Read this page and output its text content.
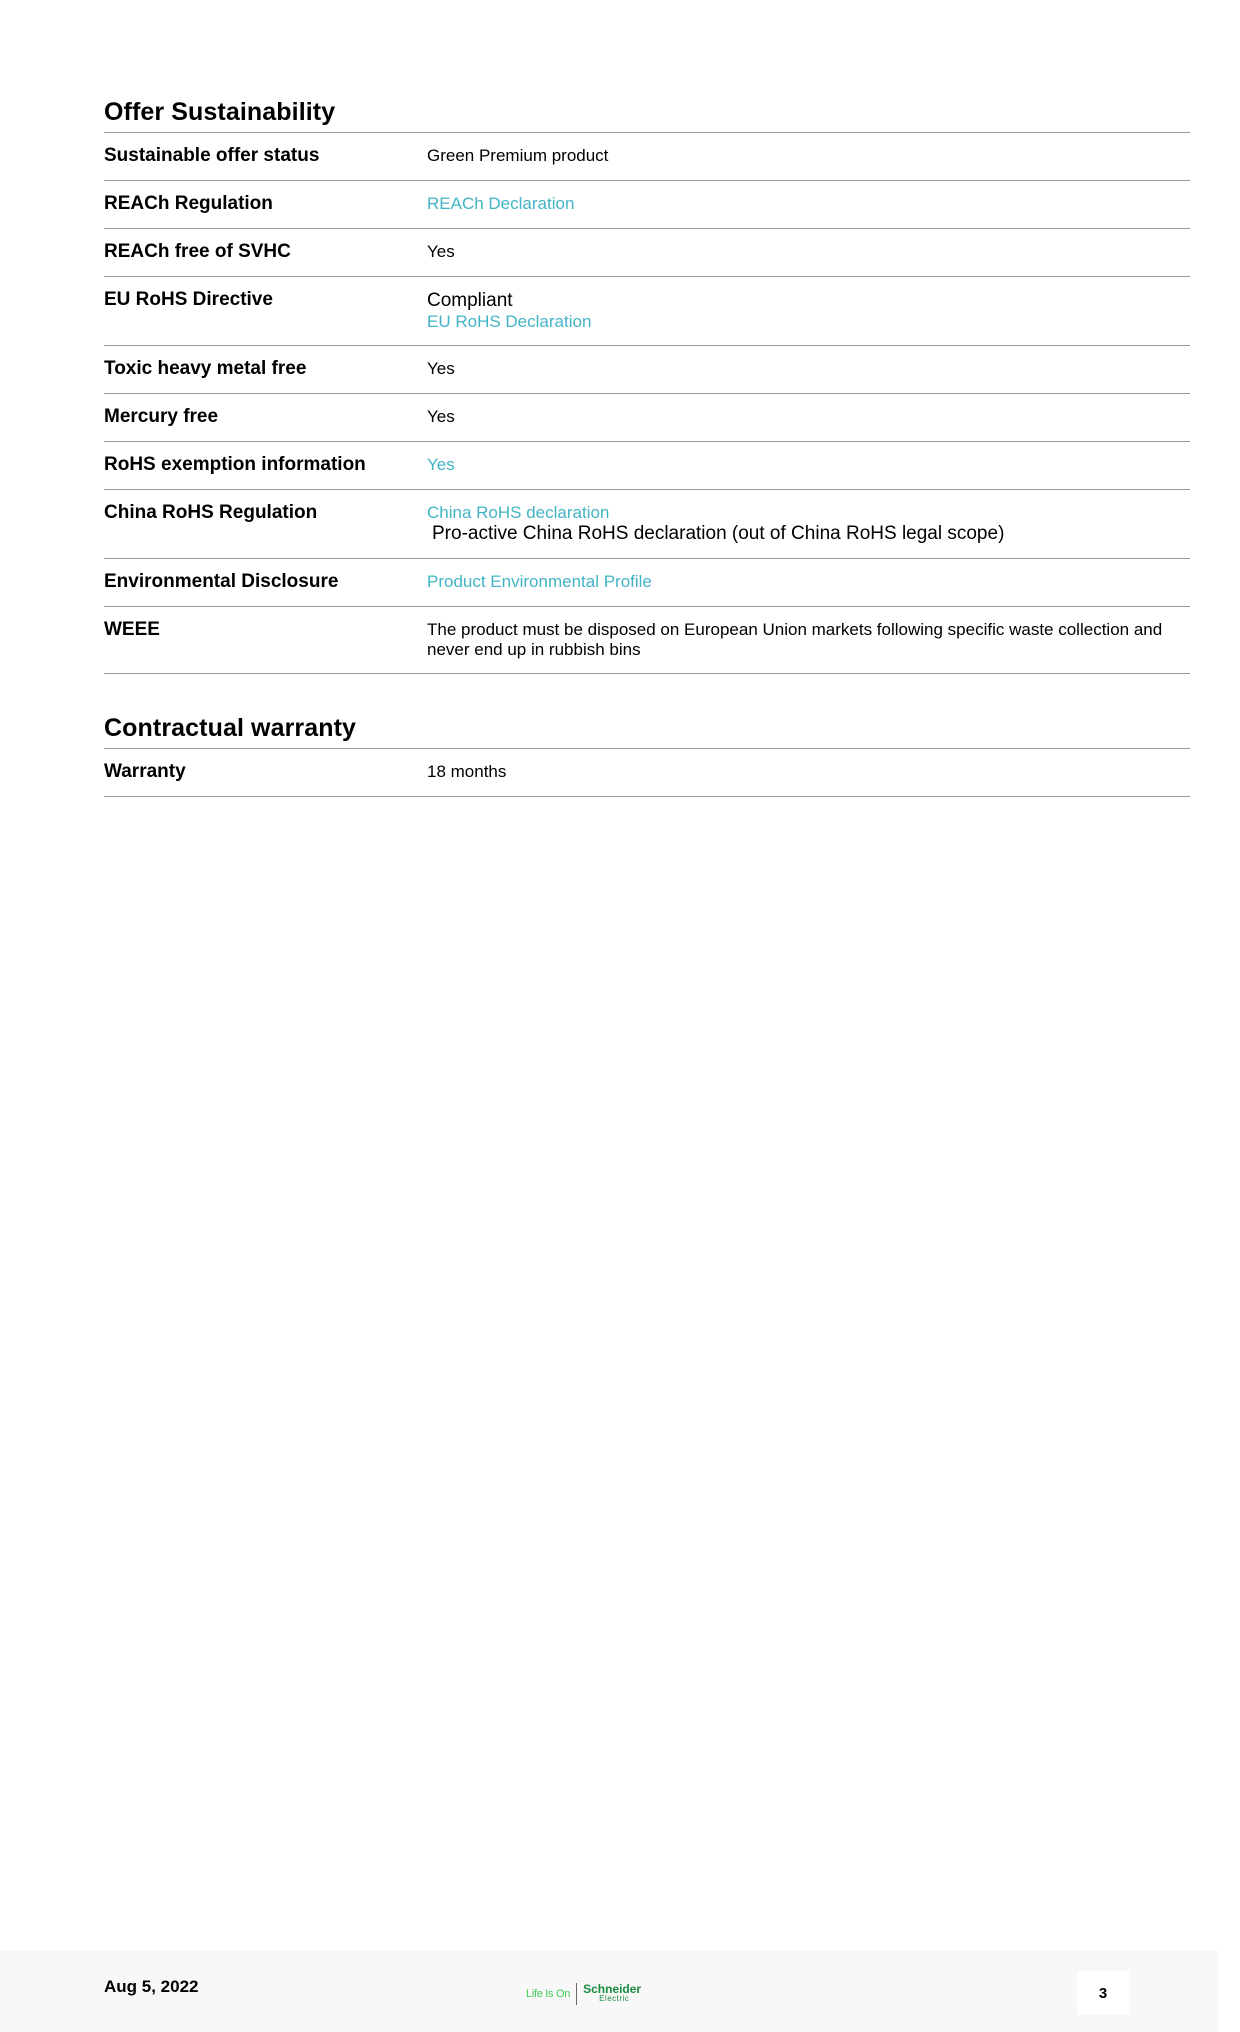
Offer Sustainability
Sustainable offer status	Green Premium product
REACh Regulation	REACh Declaration
REACh free of SVHC	Yes
EU RoHS Directive	Compliant
EU RoHS Declaration
Toxic heavy metal free	Yes
Mercury free	Yes
RoHS exemption information	Yes
China RoHS Regulation	China RoHS declaration
Pro-active China RoHS declaration (out of China RoHS legal scope)
Environmental Disclosure	Product Environmental Profile
WEEE	The product must be disposed on European Union markets following specific waste collection and never end up in rubbish bins
Contractual warranty
Warranty	18 months
Aug 5, 2022	Life Is On Schneider
Electric	3
